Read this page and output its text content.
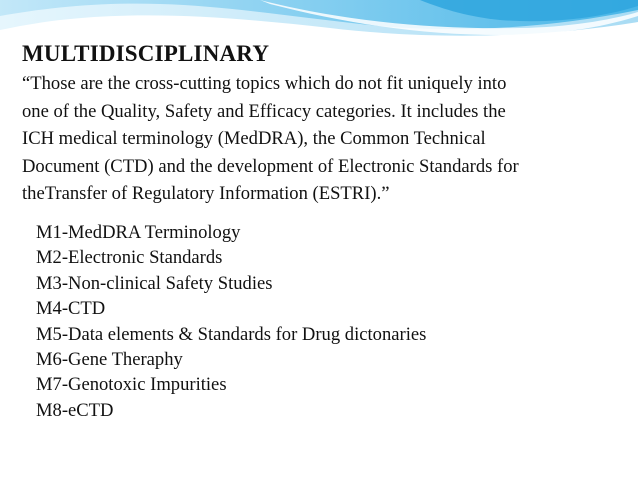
MULTIDISCIPLINARY

“Those are the cross-cutting topics which do not fit uniquely into
one of the Quality, Safety and Efficacy categories. It includes the
ICH medical terminology (MedDRA), the Common Technical
Document (CTD) and the development of Electronic Standards for
theTransfer of Regulatory Information (ESTRI).”

M1-MedDRA Terminology
M2-Electronic Standards
M3-Non-clinical Safety Studies
M4-CTD
M5-Data elements & Standards for Drug dictonaries
M6-Gene Theraphy
M7-Genotoxic Impurities
M8-eCTD
